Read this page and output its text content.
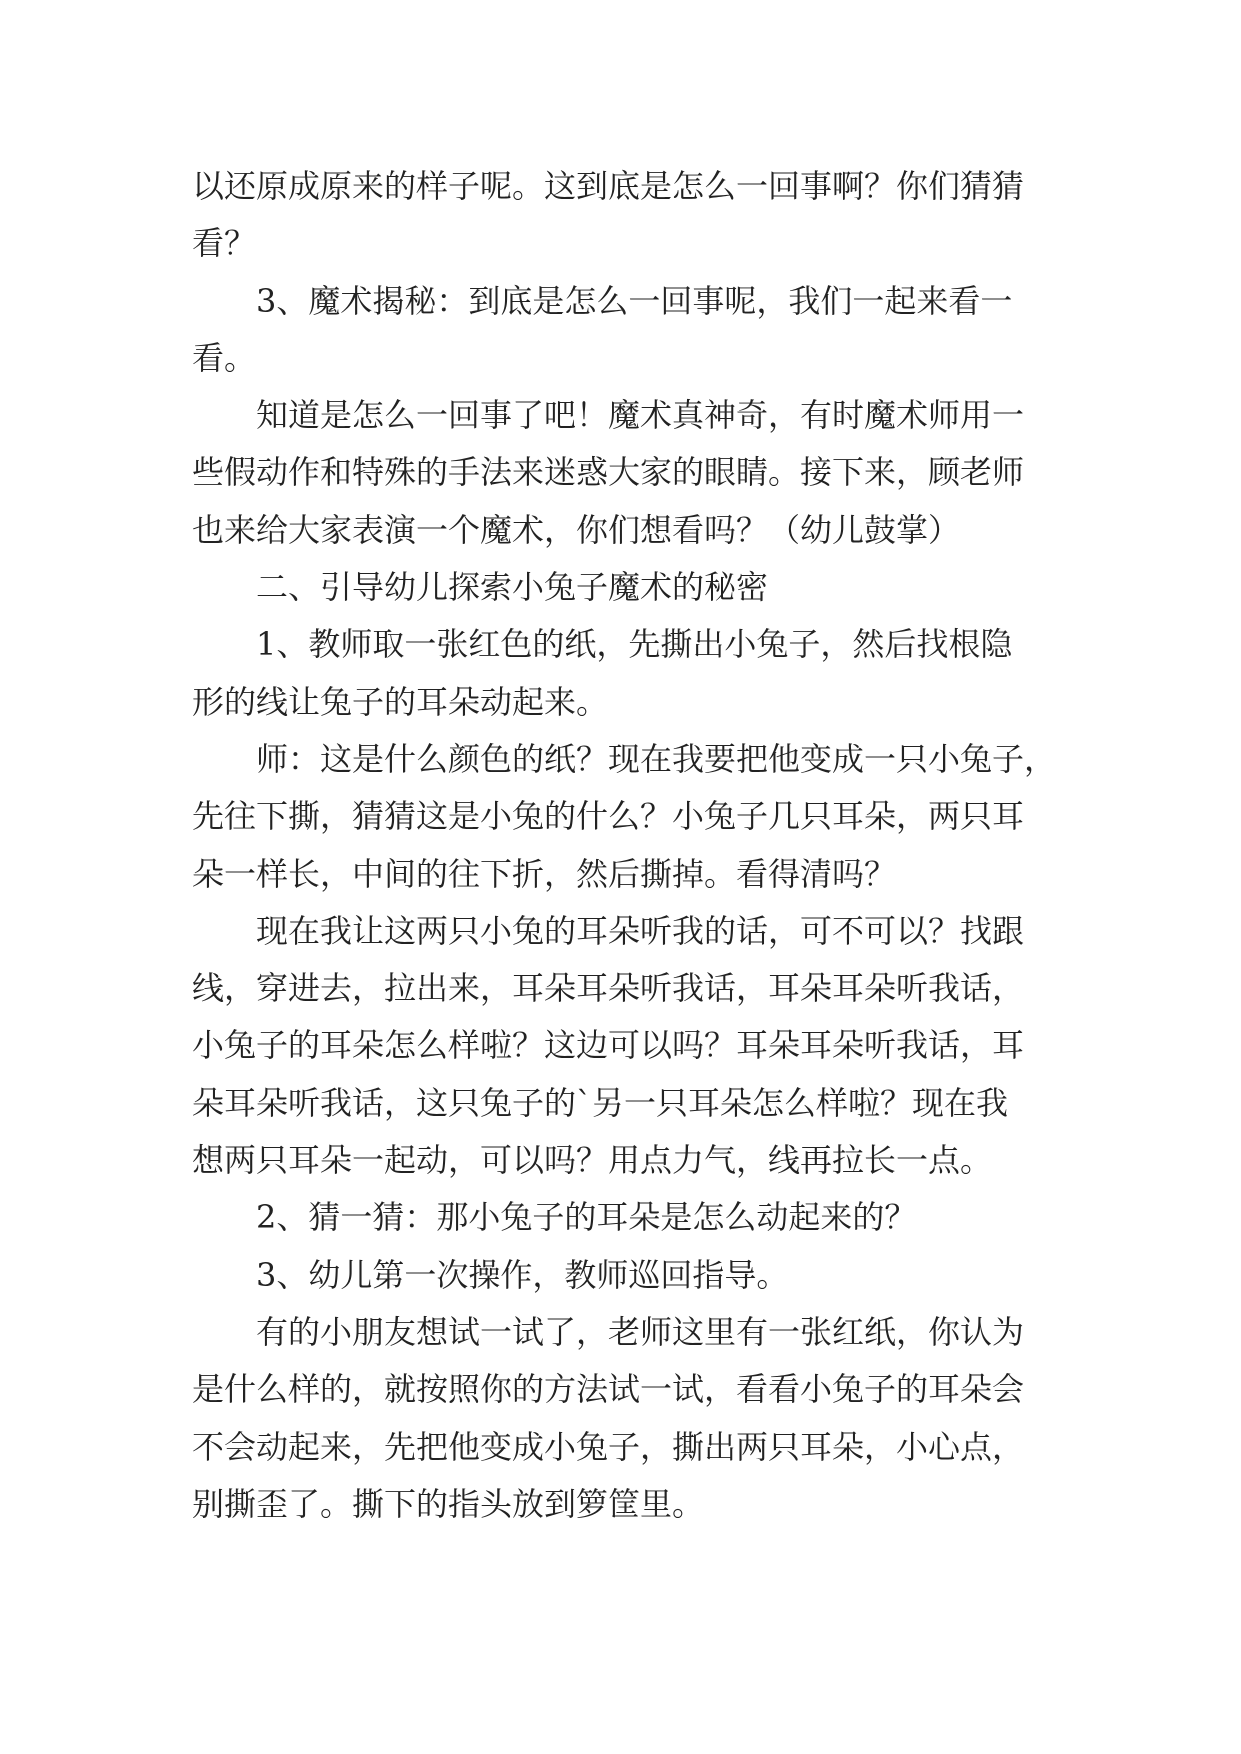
以还原成原来的样子呢。这到底是怎么一回事啊？你们猜猜

看？

　　3、魔术揭秘：到底是怎么一回事呢，我们一起来看一

看。

　　知道是怎么一回事了吧！魔术真神奇，有时魔术师用一

些假动作和特殊的手法来迷惑大家的眼睛。接下来，顾老师

也来给大家表演一个魔术，你们想看吗？（幼儿鼓掌）

　　二、引导幼儿探索小兔子魔术的秘密

　　1、教师取一张红色的纸，先撕出小兔子，然后找根隐

形的线让兔子的耳朵动起来。

　　师：这是什么颜色的纸？现在我要把他变成一只小兔子，

先往下撕，猜猜这是小兔的什么？小兔子几只耳朵，两只耳

朵一样长，中间的往下折，然后撕掉。看得清吗？

　　现在我让这两只小兔的耳朵听我的话，可不可以？找跟

线，穿进去，拉出来，耳朵耳朵听我话，耳朵耳朵听我话，

小兔子的耳朵怎么样啦？这边可以吗？耳朵耳朵听我话，耳

朵耳朵听我话，这只兔子的`另一只耳朵怎么样啦？现在我

想两只耳朵一起动，可以吗？用点力气，线再拉长一点。

　　2、猜一猜：那小兔子的耳朵是怎么动起来的？

　　3、幼儿第一次操作，教师巡回指导。

　　有的小朋友想试一试了，老师这里有一张红纸，你认为

是什么样的，就按照你的方法试一试，看看小兔子的耳朵会

不会动起来，先把他变成小兔子，撕出两只耳朵，小心点，

别撕歪了。撕下的指头放到箩筐里。
